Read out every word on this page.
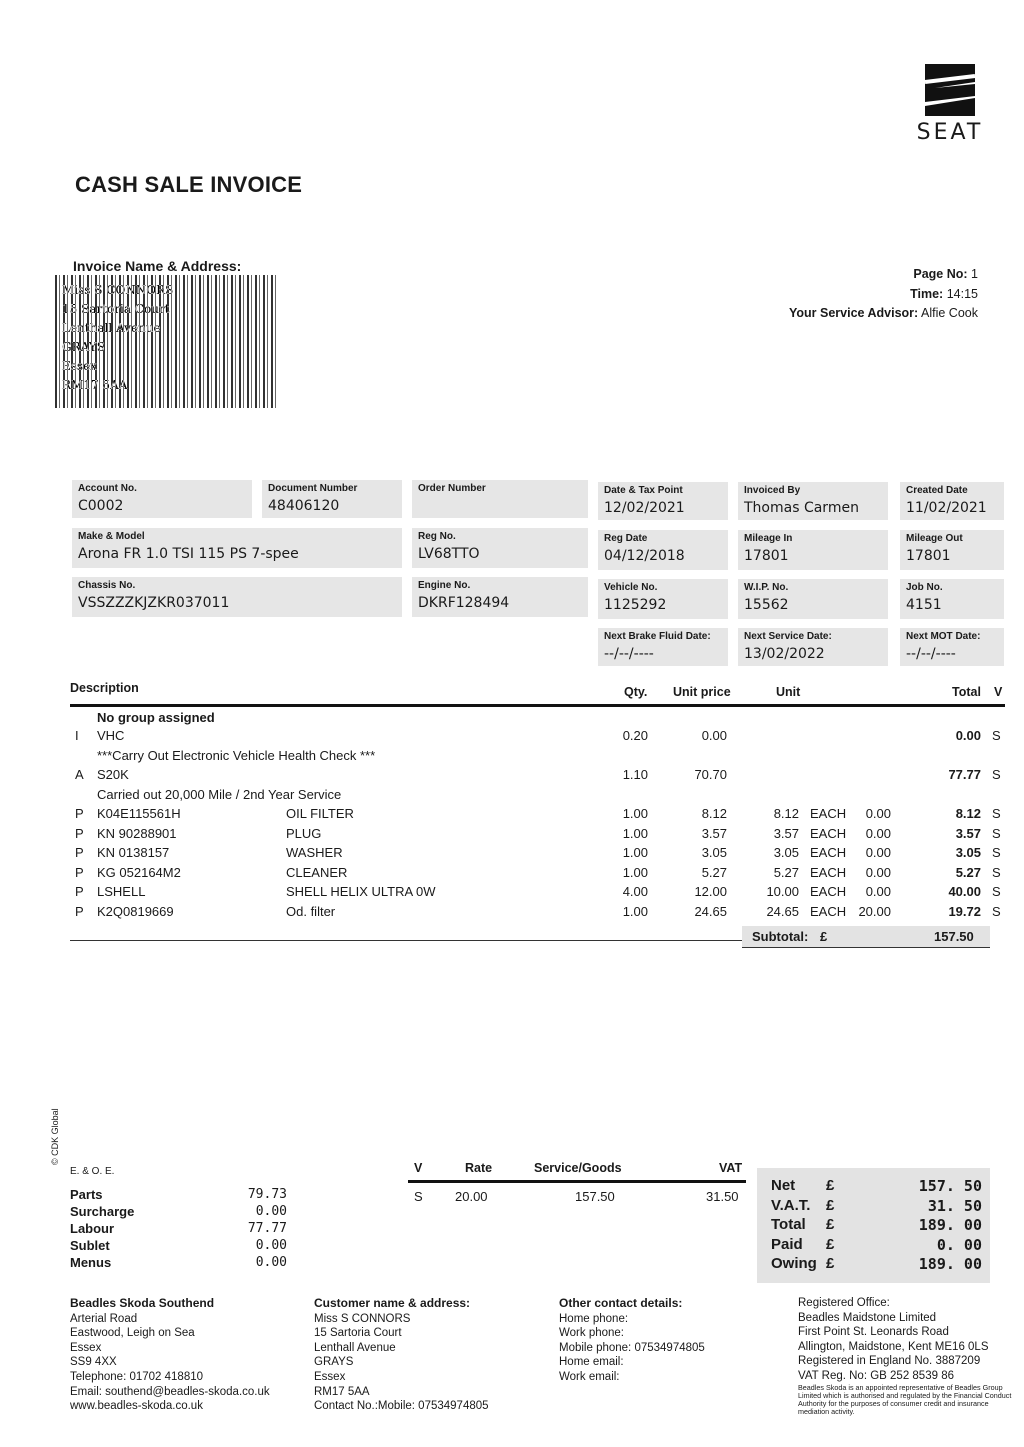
SEAT
CASH SALE INVOICE
Invoice Name & Address:
Miss S CONNORS
15 Sartoria Court
Lenthall Avenue
GRAYS
Essex
RM17 5AA
Page No: 1
Time: 14:15
Your Service Advisor: Alfie Cook
Account No.
C0002
Document Number
48406120
Order Number	Date & Tax Point
12/02/2021
Invoiced By
Thomas Carmen
Created Date
11/02/2021
Make & Model
Arona FR 1.0 TSI 115 PS 7-spee
Reg No.
LV68TTO
Reg Date
04/12/2018
Mileage In
17801
Mileage Out
17801
Chassis No.
VSSZZZKJZKR037011
Engine No.
DKRF128494
Vehicle No.
1125292
W.I.P. No.
15562
Job No.
4151
Next Brake Fluid Date:
--/--/----
Next Service Date:
13/02/2022
Next MOT Date:
--/--/----
Description	Qty. Unit price	Unit	Total V
No group assigned
I VHC	0.20	0.00	0.00 S
***Carry Out Electronic Vehicle Health Check ***
A S20K	1.10	70.70	77.77 S
Carried out 20,000 Mile / 2nd Year Service
P K04E115561H	OIL FILTER	1.00	8.12	8.12 EACH 0.00	8.12 S
P KN 90288901	PLUG	1.00	3.57	3.57 EACH 0.00	3.57 S
P KN 0138157	WASHER	1.00	3.05	3.05 EACH 0.00	3.05 S
P KG 052164M2	CLEANER	1.00	5.27	5.27 EACH 0.00	5.27 S
P LSHELL	SHELL HELIX ULTRA 0W	4.00	12.00	10.00 EACH 0.00	40.00 S
P K2Q0819669	Od. filter	1.00	24.65	24.65 EACH 20.00	19.72 S
Subtotal: £	157.50
© CDK Global
E. & O. E.
Parts	79.73
Surcharge	0.00
Labour	77.77
Sublet	0.00
Menus	0.00
V	Rate	Service/Goods	VAT
S 20.00	157.50	31.50
Net £	157. 50
V.A.T. £	31. 50
Total £	189. 00
Paid £	0. 00
Owing £	189. 00
Beadles Skoda Southend
Arterial Road
Eastwood, Leigh on Sea
Essex
SS9 4XX
Telephone: 01702 418810
Email: southend@beadles-skoda.co.uk
www.beadles-skoda.co.uk
Customer name & address:
Miss S CONNORS
15 Sartoria Court
Lenthall Avenue
GRAYS
Essex
RM17 5AA
Contact No.:Mobile: 07534974805
Other contact details:
Home phone:
Work phone:
Mobile phone: 07534974805
Home email:
Work email:
Registered Office:
Beadles Maidstone Limited
First Point St. Leonards Road
Allington, Maidstone, Kent ME16 0LS
Registered in England No. 3887209
VAT Reg. No: GB 252 8539 86
Beadles Skoda is an appointed representative of Beadles Group Limited which is authorised and regulated by the Financial Conduct Authority for the purposes of consumer credit and insurance mediation activity.
